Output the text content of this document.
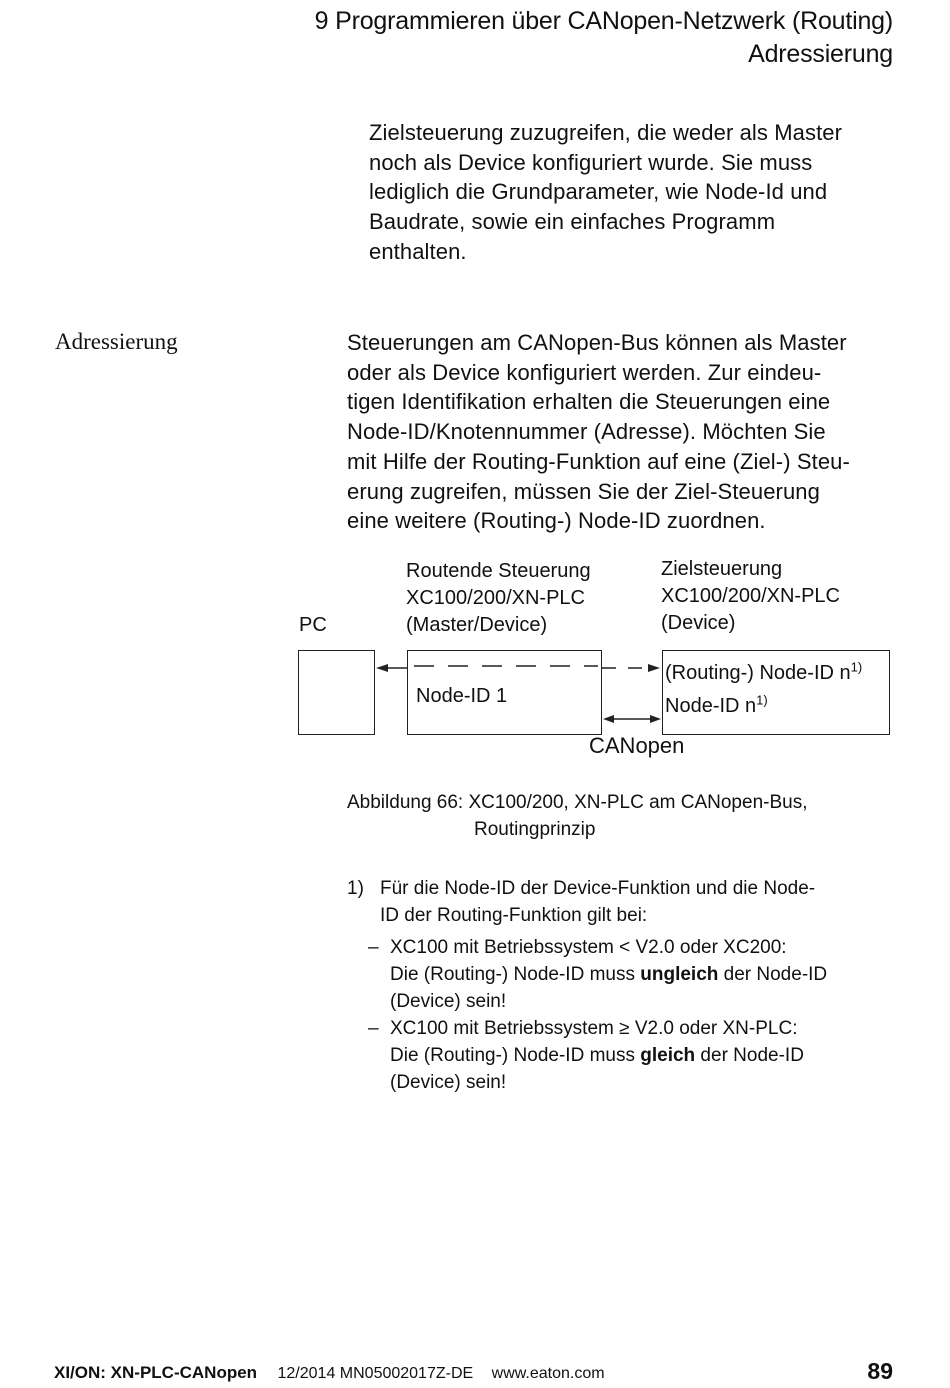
9 Programmieren über CANopen-Netzwerk (Routing)
Adressierung
Zielsteuerung zuzugreifen, die weder als Master
noch als Device konfiguriert wurde. Sie muss
lediglich die Grundparameter, wie Node-Id und
Baudrate, sowie ein einfaches Programm
enthalten.
Adressierung	Steuerungen am CANopen-Bus können als Master
oder als Device konfiguriert werden. Zur eindeu-
tigen Identifikation erhalten die Steuerungen eine
Node-ID/Knotennummer (Adresse). Möchten Sie
mit Hilfe der Routing-Funktion auf eine (Ziel-) Steu-
erung zugreifen, müssen Sie der Ziel-Steuerung
eine weitere (Routing-) Node-ID zuordnen.
PC
Routende Steuerung
XC100/200/XN-PLC
(Master/Device)
Zielsteuerung
XC100/200/XN-PLC
(Device)
Node-ID 1
(Routing-) Node-ID $n^{1)}$
Node-ID $n^{1)}$
CANopen
Abbildung 66: XC100/200, XN-PLC am CANopen-Bus,
Routingprinzip
1) Für die Node-ID der Device-Funktion und die Node-
ID der Routing-Funktion gilt bei:
– XC100 mit Betriebssystem < V2.0 oder XC200:
Die (Routing-) Node-ID muss ungleich der Node-ID
(Device) sein!
– XC100 mit Betriebssystem ≥ V2.0 oder XN-PLC:
Die (Routing-) Node-ID muss gleich der Node-ID
(Device) sein!
XI/ON: XN-PLC-CANopen 12/2014 MN05002017Z-DE www.eaton.com	89
